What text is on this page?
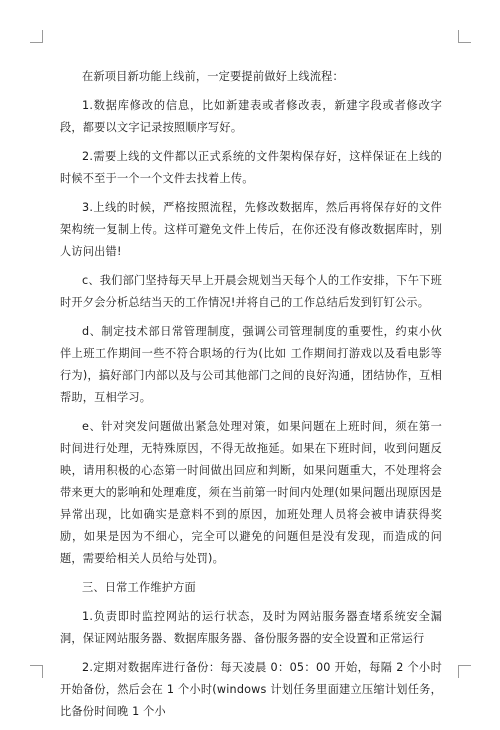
在新项目新功能上线前，一定要提前做好上线流程：

1.数据库修改的信息，比如新建表或者修改表，新建字段或者修改字段，都要以文字记录按照顺序写好。

2.需要上线的文件都以正式系统的文件架构保存好，这样保证在上线的时候不至于一个一个文件去找着上传。

3.上线的时候，严格按照流程，先修改数据库，然后再将保存好的文件架构统一复制上传。这样可避免文件上传后，在你还没有修改数据库时，别人访问出错!

c、我们部门坚持每天早上开晨会规划当天每个人的工作安排，下午下班时开夕会分析总结当天的工作情况!并将自己的工作总结后发到钉钉公示。

d、制定技术部日常管理制度，强调公司管理制度的重要性，约束小伙伴上班工作期间一些不符合职场的行为(比如 工作期间打游戏以及看电影等行为)，搞好部门内部以及与公司其他部门之间的良好沟通，团结协作，互相帮助，互相学习。

e、针对突发问题做出紧急处理对策，如果问题在上班时间，须在第一时间进行处理，无特殊原因，不得无故拖延。如果在下班时间，收到问题反映，请用积极的心态第一时间做出回应和判断，如果问题重大，不处理将会带来更大的影响和处理难度，须在当前第一时间内处理(如果问题出现原因是异常出现，比如确实是意料不到的原因，加班处理人员将会被申请获得奖励，如果是因为不细心，完全可以避免的问题但是没有发现，而造成的问题，需要给相关人员给与处罚)。

三、日常工作维护方面

1.负责即时监控网站的运行状态，及时为网站服务器查堵系统安全漏洞，保证网站服务器、数据库服务器、备份服务器的安全设置和正常运行

2.定期对数据库进行备份：每天凌晨 0：05：00 开始，每隔 2 个小时开始备份，然后会在 1 个小时(windows 计划任务里面建立压缩计划任务，比备份时间晚 1 个小
